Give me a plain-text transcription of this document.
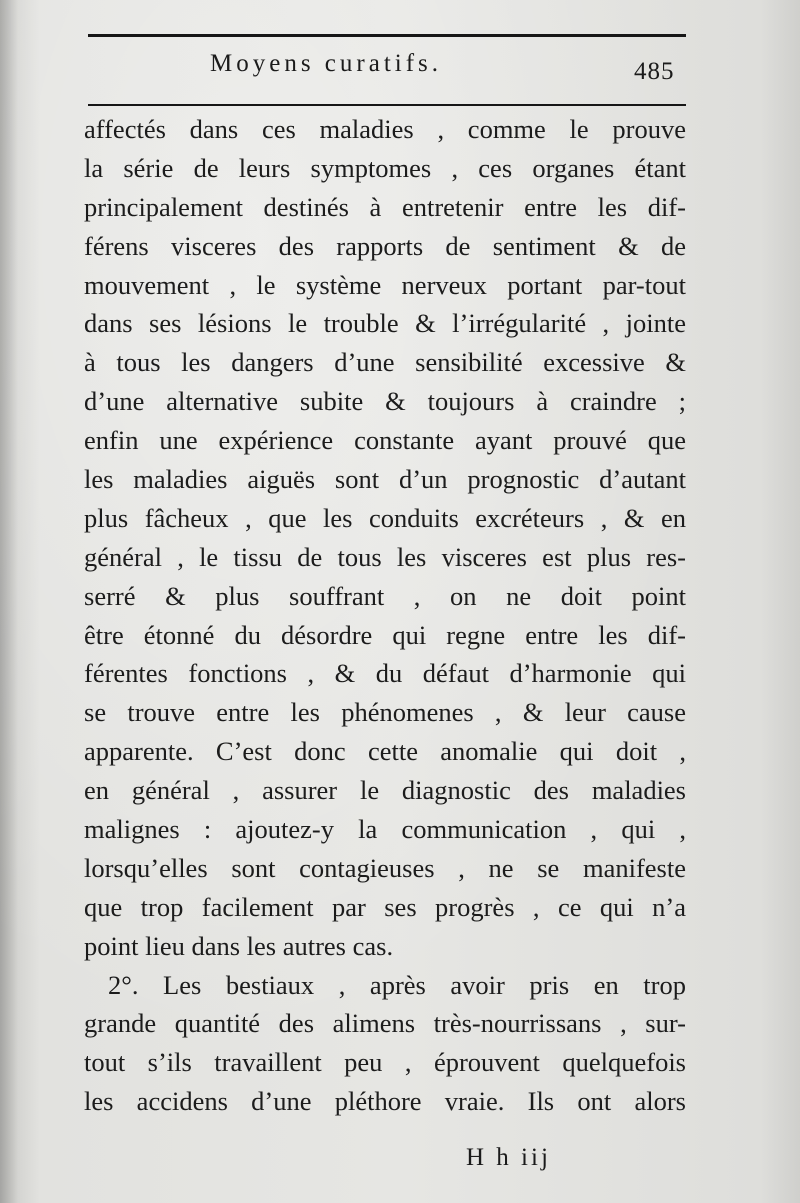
Moyens curatifs.	485
affectés dans ces maladies , comme le prouve
la série de leurs symptomes , ces organes étant
principalement destinés à entretenir entre les dif-
férens visceres des rapports de sentiment & de
mouvement , le système nerveux portant par-tout
dans ses lésions le trouble & l’irrégularité , jointe
à tous les dangers d’une sensibilité excessive &
d’une alternative subite & toujours à craindre ;
enfin une expérience constante ayant prouvé que
les maladies aiguës sont d’un prognostic d’autant
plus fâcheux , que les conduits excréteurs , & en
général , le tissu de tous les visceres est plus res-
serré & plus souffrant , on ne doit point
être étonné du désordre qui regne entre les dif-
férentes fonctions , & du défaut d’harmonie qui
se trouve entre les phénomenes , & leur cause
apparente. C’est donc cette anomalie qui doit ,
en général , assurer le diagnostic des maladies
malignes : ajoutez-y la communication , qui ,
lorsqu’elles sont contagieuses , ne se manifeste
que trop facilement par ses progrès , ce qui n’a
point lieu dans les autres cas.
2°. Les bestiaux , après avoir pris en trop
grande quantité des alimens très-nourrissans , sur-
tout s’ils travaillent peu , éprouvent quelquefois
les accidens d’une pléthore vraie. Ils ont alors
H h iij
